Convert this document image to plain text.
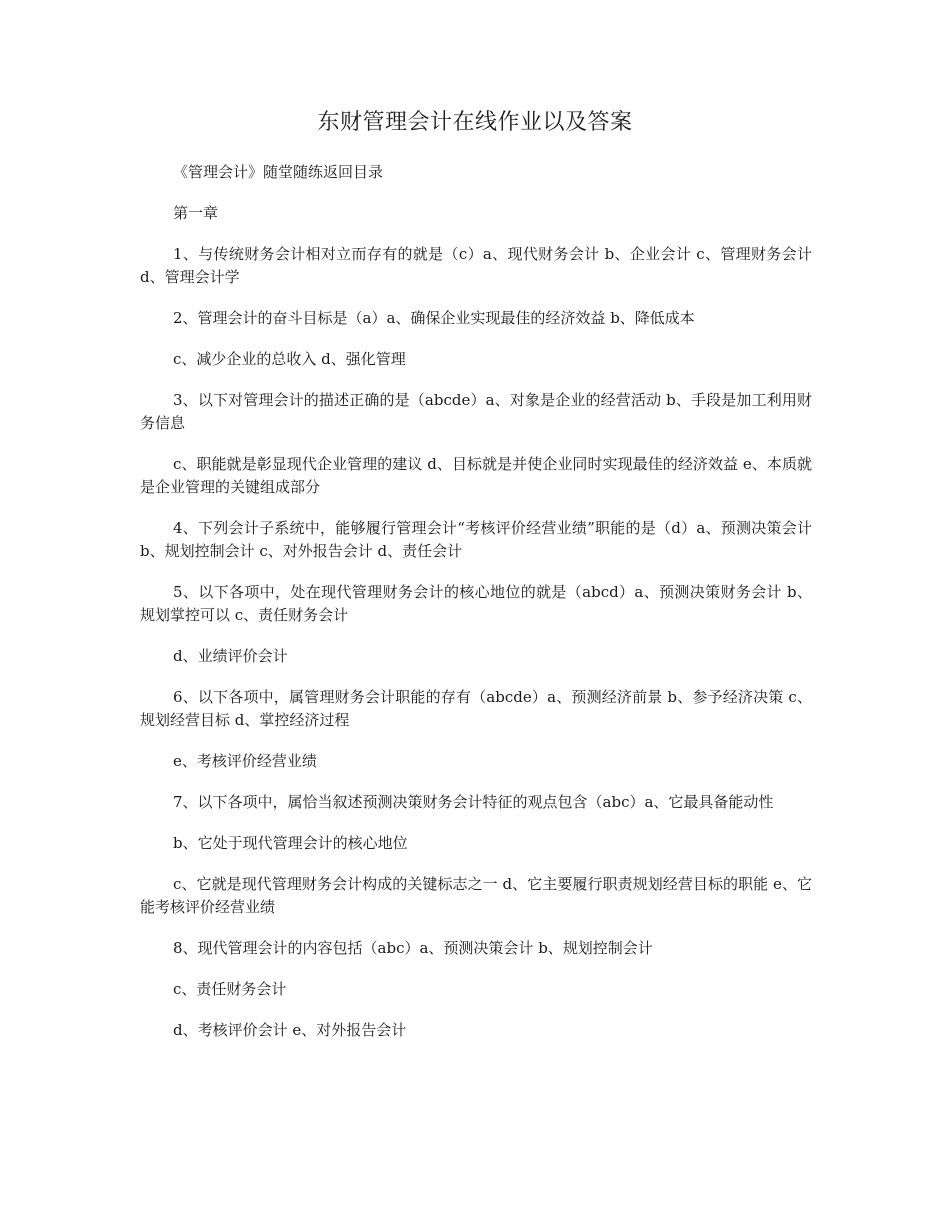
东财管理会计在线作业以及答案

《管理会计》随堂随练返回目录

第一章

1、与传统财务会计相对立而存有的就是（c）a、现代财务会计 b、企业会计 c、管理财务会计 d、管理会计学

2、管理会计的奋斗目标是（a）a、确保企业实现最佳的经济效益 b、降低成本

c、减少企业的总收入 d、强化管理

3、以下对管理会计的描述正确的是（abcde）a、对象是企业的经营活动 b、手段是加工利用财务信息

c、职能就是彰显现代企业管理的建议 d、目标就是并使企业同时实现最佳的经济效益 e、本质就是企业管理的关键组成部分

4、下列会计子系统中，能够履行管理会计“考核评价经营业绩”职能的是（d）a、预测决策会计 b、规划控制会计 c、对外报告会计 d、责任会计

5、以下各项中，处在现代管理财务会计的核心地位的就是（abcd）a、预测决策财务会计 b、规划掌控可以 c、责任财务会计

d、业绩评价会计

6、以下各项中，属管理财务会计职能的存有（abcde）a、预测经济前景 b、参予经济决策 c、规划经营目标 d、掌控经济过程

e、考核评价经营业绩

7、以下各项中，属恰当叙述预测决策财务会计特征的观点包含（abc）a、它最具备能动性

b、它处于现代管理会计的核心地位

c、它就是现代管理财务会计构成的关键标志之一 d、它主要履行职责规划经营目标的职能 e、它能考核评价经营业绩

8、现代管理会计的内容包括（abc）a、预测决策会计 b、规划控制会计

c、责任财务会计

d、考核评价会计 e、对外报告会计
